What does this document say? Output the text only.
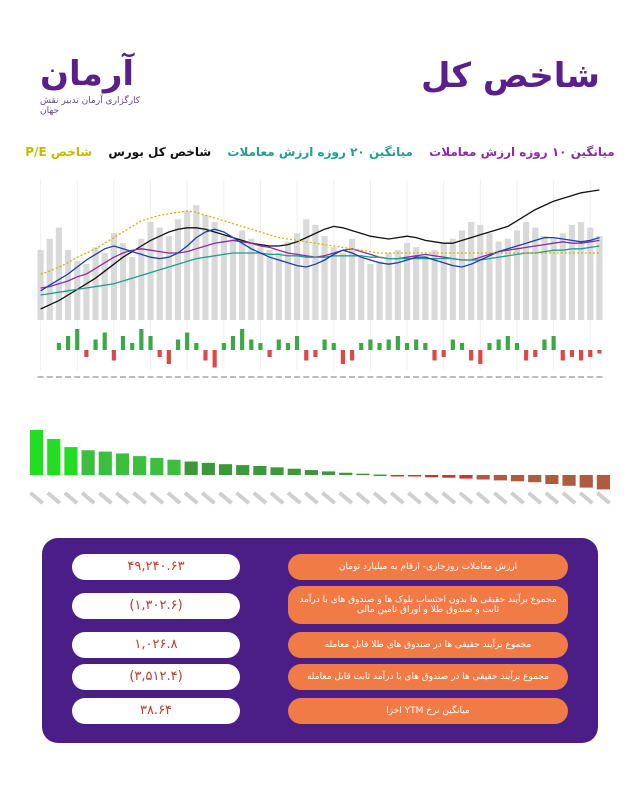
آرمان
کارگزاری آرمان تدبیر نقش جهان
شاخص کل
میانگین ۱۰ روزه ارزش معاملات میانگین ۲۰ روزه ارزش معاملات شاخص کل بورس شاخص P/E
۴۹,۲۴۰.۶۳	ارزش معاملات روزجاری- ارقام به میلیارد تومان
(۱,۳۰۲.۶)	مجموع برآیند حقیقی ها بدون احتساب بلوک ها و صندوق های با درآمد ثابت و صندوق طلا و اوراق تامین مالی
۱,۰۲۶.۸	مجموع برآیند حقیقی ها در صندوق های طلا قابل معامله
(۳,۵۱۲.۴)	مجموع برآیند حقیقی ها در صندوق های با درآمد ثابت قابل معامله
۳۸.۶۴	میانگین نرخ YTM اخزا
